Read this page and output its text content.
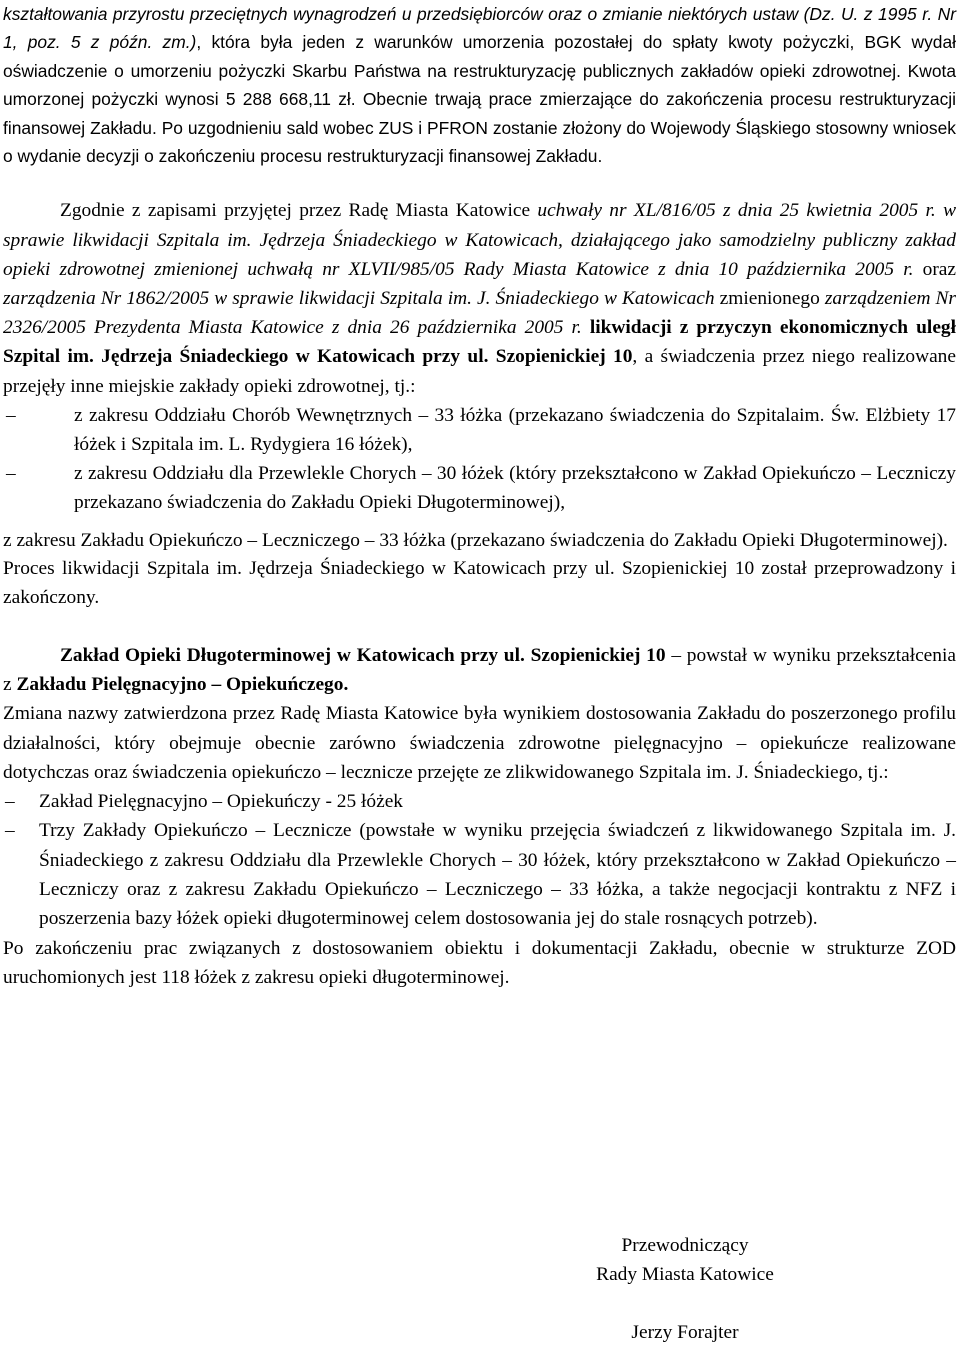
kształtowania przyrostu przeciętnych wynagrodzeń u przedsiębiorców oraz o zmianie niektórych ustaw (Dz. U. z 1995 r. Nr 1, poz. 5 z późn. zm.), która była jeden z warunków umorzenia pozostałej do spłaty kwoty pożyczki, BGK wydał oświadczenie o umorzeniu pożyczki Skarbu Państwa na restrukturyzację publicznych zakładów opieki zdrowotnej. Kwota umorzonej pożyczki wynosi 5 288 668,11 zł. Obecnie trwają prace zmierzające do zakończenia procesu restrukturyzacji finansowej Zakładu. Po uzgodnieniu sald wobec ZUS i PFRON zostanie złożony do Wojewody Śląskiego stosowny wniosek o wydanie decyzji o zakończeniu procesu restrukturyzacji finansowej Zakładu.

Zgodnie z zapisami przyjętej przez Radę Miasta Katowice uchwały nr XL/816/05 z dnia 25 kwietnia 2005 r. w sprawie likwidacji Szpitala im. Jędrzeja Śniadeckiego w Katowicach, działającego jako samodzielny publiczny zakład opieki zdrowotnej zmienionej uchwałą nr XLVII/985/05 Rady Miasta Katowice z dnia 10 października 2005 r. oraz zarządzenia Nr 1862/2005 w sprawie likwidacji Szpitala im. J. Śniadeckiego w Katowicach zmienionego zarządzeniem Nr 2326/2005 Prezydenta Miasta Katowice z dnia 26 października 2005 r. likwidacji z przyczyn ekonomicznych uległ Szpital im. Jędrzeja Śniadeckiego w Katowicach przy ul. Szopienickiej 10, a świadczenia przez niego realizowane przejęły inne miejskie zakłady opieki zdrowotnej, tj.:

– z zakresu Oddziału Chorób Wewnętrznych – 33 łóżka (przekazano świadczenia do Szpitalaim. Św. Elżbiety 17 łóżek i Szpitala im. L. Rydygiera 16 łóżek),
– z zakresu Oddziału dla Przewlekle Chorych – 30 łóżek (który przekształcono w Zakład Opiekuńczo – Leczniczy przekazano świadczenia do Zakładu Opieki Długoterminowej),

z zakresu Zakładu Opiekuńczo – Leczniczego – 33 łóżka (przekazano świadczenia do Zakładu Opieki Długoterminowej).

Proces likwidacji Szpitala im. Jędrzeja Śniadeckiego w Katowicach przy ul. Szopienickiej 10 został przeprowadzony i zakończony.

Zakład Opieki Długoterminowej w Katowicach przy ul. Szopienickiej 10 – powstał w wyniku przekształcenia z Zakładu Pielęgnacyjno – Opiekuńczego.

Zmiana nazwy zatwierdzona przez Radę Miasta Katowice była wynikiem dostosowania Zakładu do poszerzonego profilu działalności, który obejmuje obecnie zarówno świadczenia zdrowotne pielęgnacyjno – opiekuńcze realizowane dotychczas oraz świadczenia opiekuńczo – lecznicze przejęte ze zlikwidowanego Szpitala im. J. Śniadeckiego, tj.:

– Zakład Pielęgnacyjno – Opiekuńczy - 25 łóżek
– Trzy Zakłady Opiekuńczo – Lecznicze (powstałe w wyniku przejęcia świadczeń z likwidowanego Szpitala im. J. Śniadeckiego z zakresu Oddziału dla Przewlekle Chorych – 30 łóżek, który przekształcono w Zakład Opiekuńczo – Leczniczy oraz z zakresu Zakładu Opiekuńczo – Leczniczego – 33 łóżka, a także negocjacji kontraktu z NFZ i poszerzenia bazy łóżek opieki długoterminowej celem dostosowania jej do stale rosnących potrzeb).

Po zakończeniu prac związanych z dostosowaniem obiektu i dokumentacji Zakładu, obecnie w strukturze ZOD uruchomionych jest 118 łóżek z zakresu opieki długoterminowej.

Przewodniczący
Rady Miasta Katowice
Jerzy Forajter
